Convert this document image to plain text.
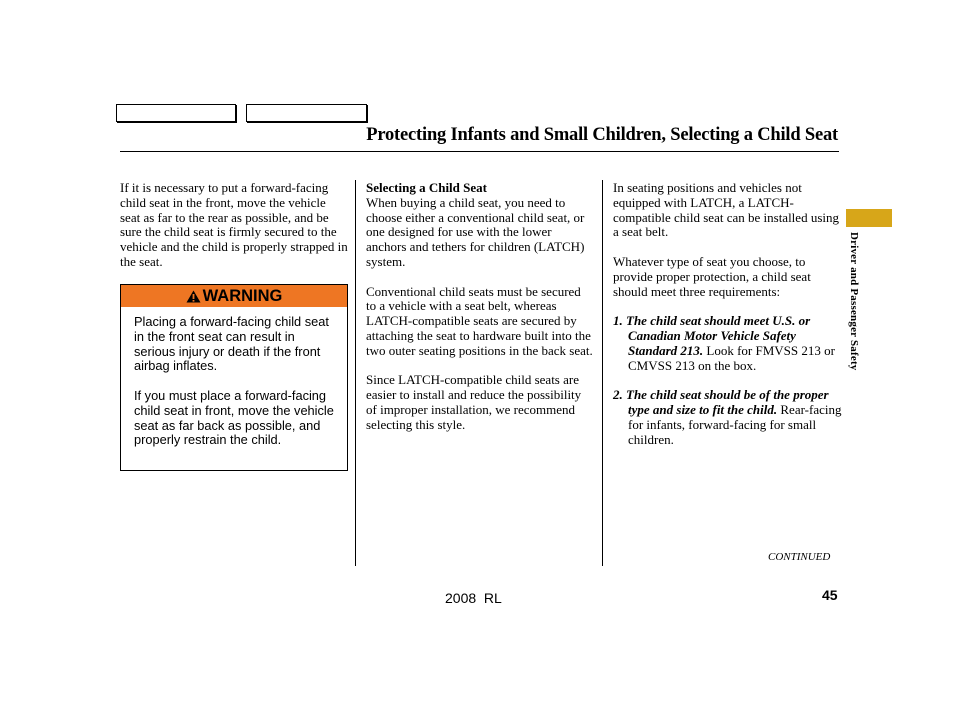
Protecting Infants and Small Children, Selecting a Child Seat

If it is necessary to put a forward-facing child seat in the front, move the vehicle seat as far to the rear as possible, and be sure the child seat is firmly secured to the vehicle and the child is properly strapped in the seat.

WARNING

Placing a forward-facing child seat in the front seat can result in serious injury or death if the front airbag inflates.

If you must place a forward-facing child seat in front, move the vehicle seat as far back as possible, and properly restrain the child.

Selecting a Child Seat

When buying a child seat, you need to choose either a conventional child seat, or one designed for use with the lower anchors and tethers for children (LATCH) system.

Conventional child seats must be secured to a vehicle with a seat belt, whereas LATCH-compatible seats are secured by attaching the seat to hardware built into the two outer seating positions in the back seat.

Since LATCH-compatible child seats are easier to install and reduce the possibility of improper installation, we recommend selecting this style.

In seating positions and vehicles not equipped with LATCH, a LATCH-compatible child seat can be installed using a seat belt.

Whatever type of seat you choose, to provide proper protection, a child seat should meet three requirements:

1. The child seat should meet U.S. or Canadian Motor Vehicle Safety Standard 213. Look for FMVSS 213 or CMVSS 213 on the box.

2. The child seat should be of the proper type and size to fit the child. Rear-facing for infants, forward-facing for small children.

Driver and Passenger Safety
CONTINUED
2008  RL	45
